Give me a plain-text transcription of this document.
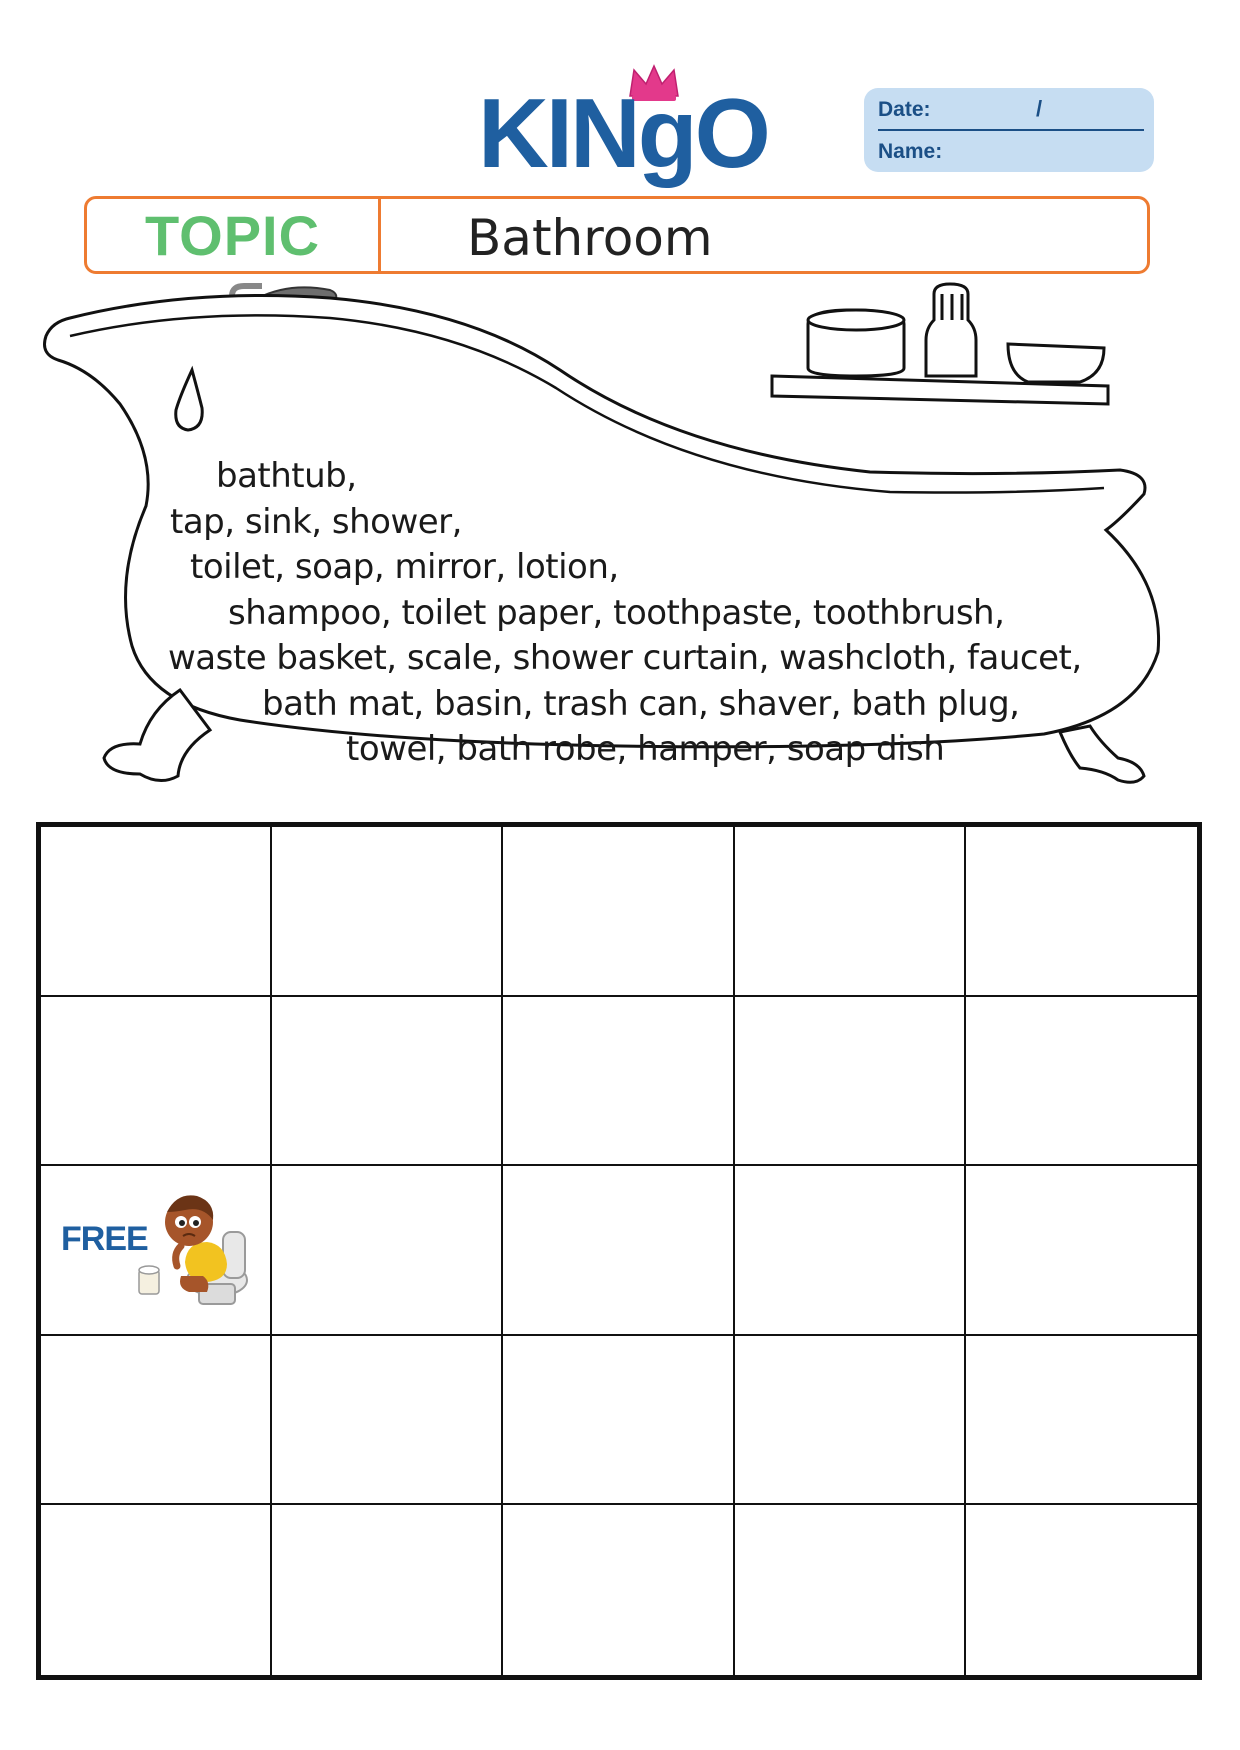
KINgO	Date:	/
Name:
TOPIC	Bathroom
bathtub,
tap, sink, shower,
toilet, soap, mirror, lotion,
shampoo, toilet paper, toothpaste, toothbrush,
waste basket, scale, shower curtain, washcloth, faucet,
bath mat, basin, trash can, shaver, bath plug,
towel, bath robe, hamper, soap dish
FREE
